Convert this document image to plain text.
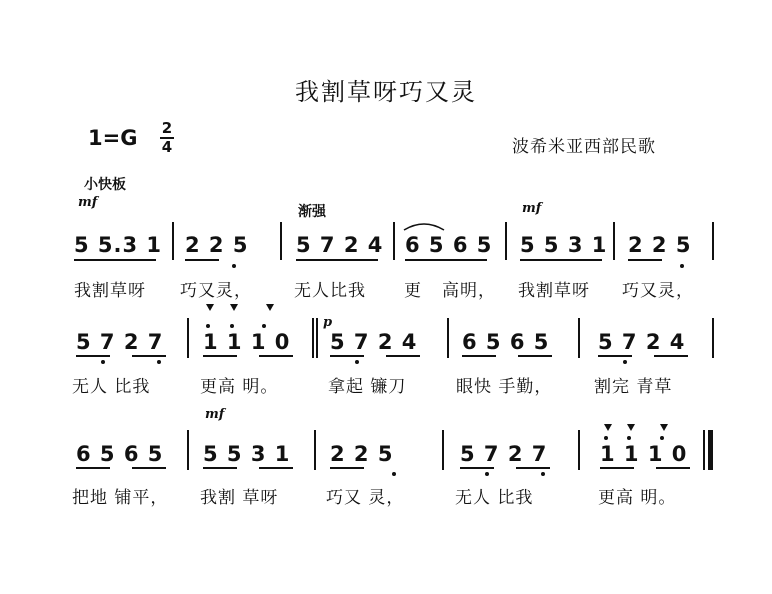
我割草呀巧又灵
1=G 2
4	波希米亚西部民歌
小快板
mf
渐强	mf
5 5.3 1 2 2 5 5 7 2 4 6 5 6 5 5 5 3 1 2 2 5
我割草呀 巧又灵， 无人比我 更 高明， 我割草呀 巧又灵，
p
5 7 2 7 1 1 1 0 5 7 2 4 6 5 6 5 5 7 2 4
无人 比我	更高 明。	拿起 镰刀	眼快 手勤， 割完 青草
mf
6 5 6 5 5 5 3 1 2 2 5	5 7 2 7	1 1 1 0
把地 铺平， 我割 草呀	巧又 灵，	无人 比我	更高 明。
